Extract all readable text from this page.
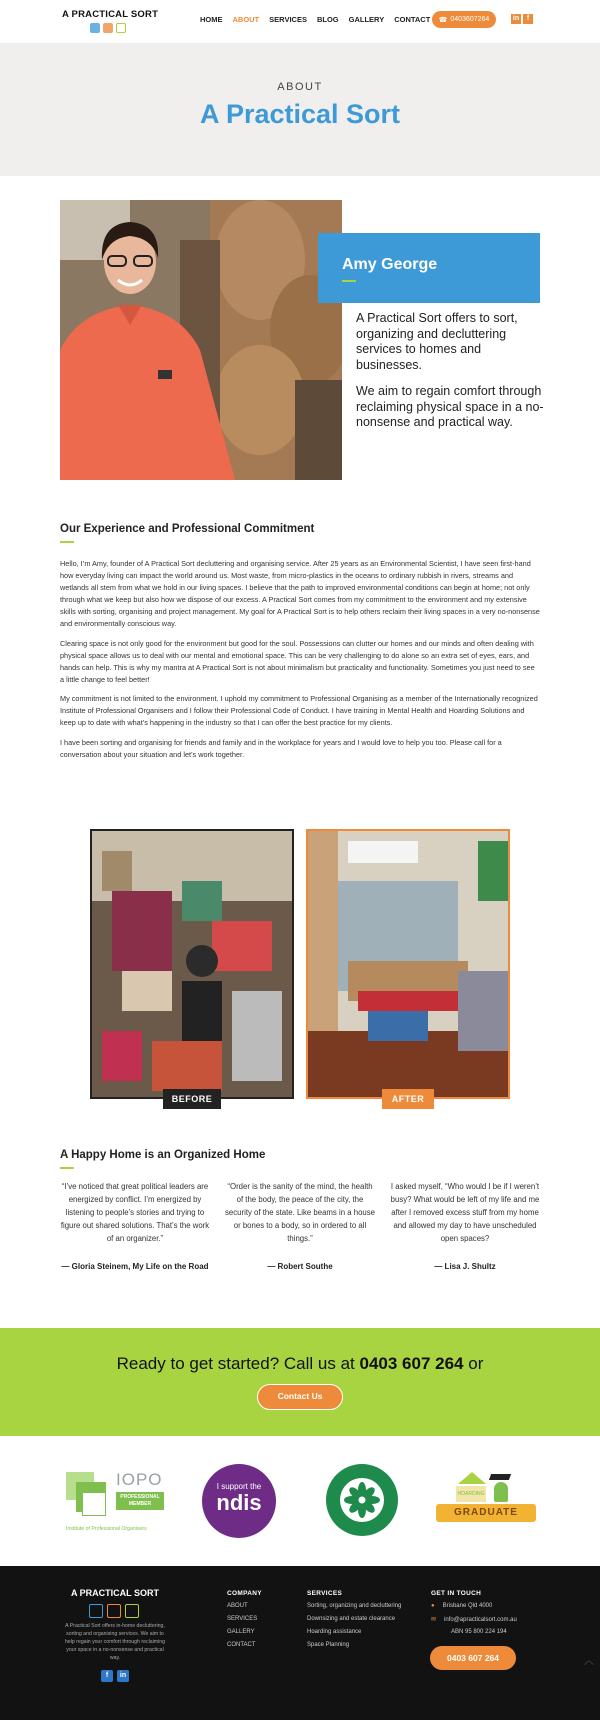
A PRACTICAL SORT	HOME ABOUT SERVICES BLOG GALLERY CONTACT ☎ 0403607264	in	f
ABOUT
A Practical Sort
Amy George

A Practical Sort offers to sort, organizing and decluttering services to homes and businesses.

We aim to regain comfort through reclaiming physical space in a no-nonsense and practical way.

Our Experience and Professional Commitment

Hello, I’m Amy, founder of A Practical Sort decluttering and organising service. After 25 years as an Environmental Scientist, I have seen first-hand how everyday living can impact the world around us. Most waste, from micro-plastics in the oceans to ordinary rubbish in rivers, streams and wetlands all stem from what we hold in our living spaces. I believe that the path to improved environmental conditions can begin at home; not only through what we keep but also how we dispose of our excess. A Practical Sort comes from my commitment to the environment and my extensive skills with sorting, organising and project management. My goal for A Practical Sort is to help others reclaim their living spaces in a very no-nonsense and environmentally conscious way.

Clearing space is not only good for the environment but good for the soul. Possessions can clutter our homes and our minds and often dealing with physical space allows us to deal with our mental and emotional space. This can be very challenging to do alone so an extra set of eyes, ears, and hands can help. This is why my mantra at A Practical Sort is not about minimalism but practicality and functionality. Sometimes you just need to see a little change to feel better!

My commitment is not limited to the environment. I uphold my commitment to Professional Organising as a member of the Internationally recognized Institute of Professional Organisers and I follow their Professional Code of Conduct. I have training in Mental Health and Hoarding Solutions and keep up to date with what’s happening in the industry so that I can offer the best practice for my clients.

I have been sorting and organising for friends and family and in the workplace for years and I would love to help you too. Please call for a conversation about your situation and let’s work together.

BEFORE	AFTER
A Happy Home is an Organized Home
“I’ve noticed that great political leaders are energized by conflict. I’m energized by listening to people’s stories and trying to figure out shared solutions. That’s the work of an organizer.”
— Gloria Steinem, My Life on the Road
“Order is the sanity of the mind, the health of the body, the peace of the city, the security of the state. Like beams in a house or bones to a body, so in ordered to all things.”
— Robert Southe
I asked myself, “Who would I be if I weren’t busy? What would be left of my life and me after I removed excess stuff from my home and allowed my day to have unscheduled open spaces?
— Lisa J. Shultz
Ready to get started? Call us at 0403 607 264 or
Contact Us
IOPO
PROFESSIONAL MEMBER
Institute of Professional Organisers
I support the
ndis	HOARDING
GRADUATE
A PRACTICAL SORT
A Practical Sort offers in-home decluttering, sorting and organising services. We aim to help regain your comfort through reclaiming your space in a no-nonsense and practical way.
f	in
COMPANY
ABOUT
SERVICES
GALLERY
CONTACT
SERVICES
Sorting, organizing and decluttering
Downsizing and estate clearance
Hoarding assistance
Space Planning
GET IN TOUCH
● Brisbane Qld 4000
✉ info@apracticalsort.com.au
ABN 95 800 224 194
0403 607 264	︿
